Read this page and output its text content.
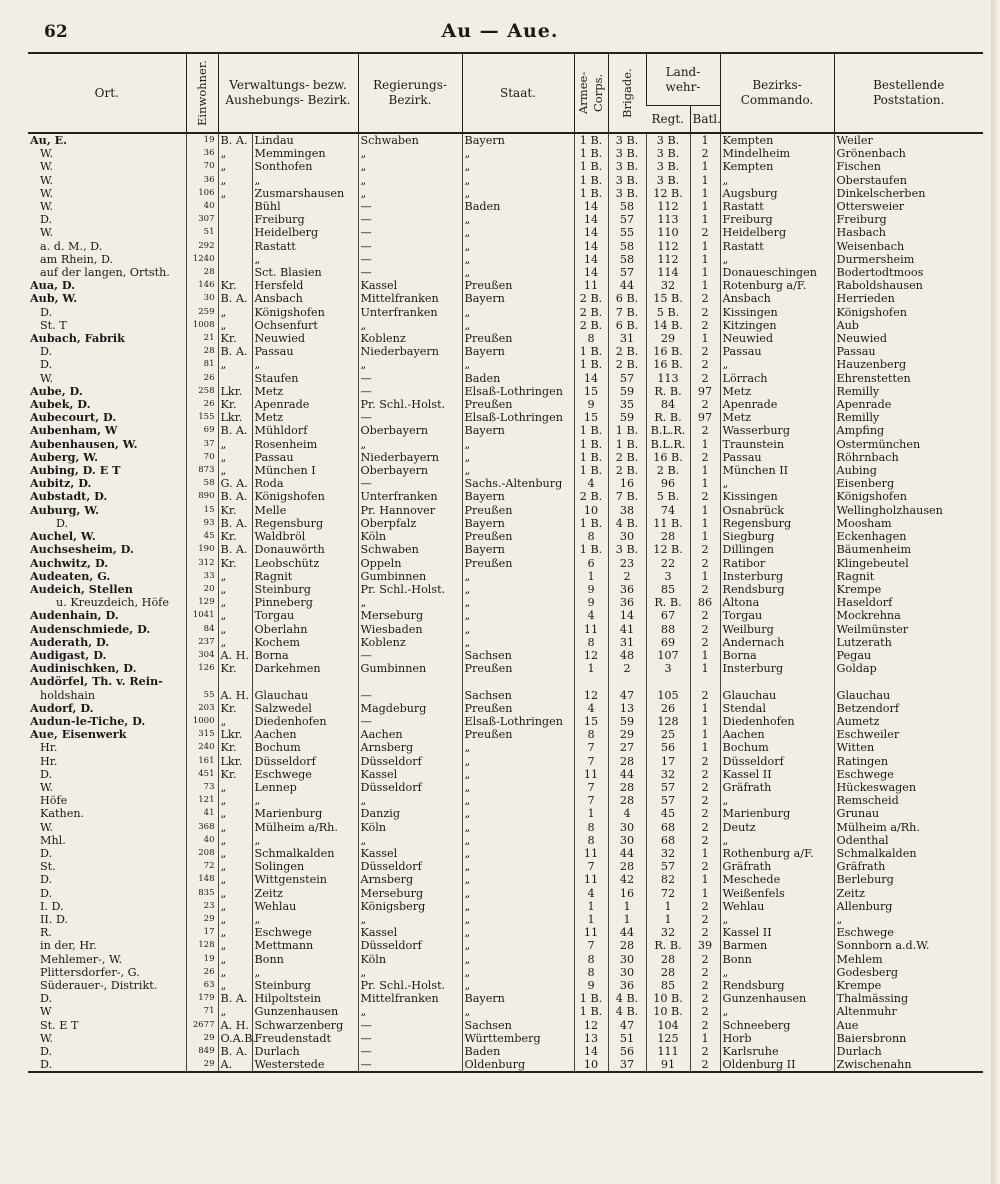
62	Au — Aue.
Ort.	Einwohner.	Verwaltungs- bezw. Aushebungs- Bezirk.		Regierungs- Bezirk.	Staat.	Armee-Corps.	Brigade.	Land- wehr-		Bezirks- Commando.	Bestellende Poststation.
								Regt.	Batl.		
Au, E.	19	B. A.	Lindau	Schwaben	Bayern	1 B.	3 B.	3 B.	1	Kempten	Weiler
W.	36	„	Memmingen	„	„	1 B.	3 B.	3 B.	2	Mindelheim	Grönenbach
W.	70	„	Sonthofen	„	„	1 B.	3 B.	3 B.	1	Kempten	Fischen
W.	36	„	„	„	„	1 B.	3 B.	3 B.	1	„	Oberstaufen
W.	106	„	Zusmarshausen	„	„	1 B.	3 B.	12 B.	1	Augsburg	Dinkelscherben
W.	40		Bühl	—	Baden	14	58	112	1	Rastatt	Ottersweier
D.	307		Freiburg	—	„	14	57	113	1	Freiburg	Freiburg
W.	51		Heidelberg	—	„	14	55	110	2	Heidelberg	Hasbach
a. d. M., D.	292		Rastatt	—	„	14	58	112	1	Rastatt	Weisenbach
am Rhein, D.	1240		„	—	„	14	58	112	1	„	Durmersheim
auf der langen, Ortsth.	28		Sct. Blasien	—	„	14	57	114	1	Donaueschingen	Bodertodtmoos
Aua, D.	146	Kr.	Hersfeld	Kassel	Preußen	11	44	32	1	Rotenburg a/F.	Raboldshausen
Aub, W.	30	B. A.	Ansbach	Mittelfranken	Bayern	2 B.	6 B.	15 B.	2	Ansbach	Herrieden
D.	259	„	Königshofen	Unterfranken	„	2 B.	7 B.	5 B.	2	Kissingen	Königshofen
St. T	1008	„	Ochsenfurt	„	„	2 B.	6 B.	14 B.	2	Kitzingen	Aub
Aubach, Fabrik	21	Kr.	Neuwied	Koblenz	Preußen	8	31	29	1	Neuwied	Neuwied
D.	28	B. A.	Passau	Niederbayern	Bayern	1 B.	2 B.	16 B.	2	Passau	Passau
D.	81	„	„	„	„	1 B.	2 B.	16 B.	2	„	Hauzenberg
W.	26		Staufen	—	Baden	14	57	113	2	Lörrach	Ehrenstetten
Aube, D.	258	Lkr.	Metz	—	Elsaß-Lothringen	15	59	R. B.	97	Metz	Remilly
Aubek, D.	26	Kr.	Apenrade	Pr. Schl.-Holst.	Preußen	9	35	84	2	Apenrade	Apenrade
Aubecourt, D.	155	Lkr.	Metz	—	Elsaß-Lothringen	15	59	R. B.	97	Metz	Remilly
Aubenham, W	69	B. A.	Mühldorf	Oberbayern	Bayern	1 B.	1 B.	B.L.R.	2	Wasserburg	Ampfing
Aubenhausen, W.	37	„	Rosenheim	„	„	1 B.	1 B.	B.L.R.	1	Traunstein	Ostermünchen
Auberg, W.	70	„	Passau	Niederbayern	„	1 B.	2 B.	16 B.	2	Passau	Röhrnbach
Aubing, D. E T	873	„	München I	Oberbayern	„	1 B.	2 B.	2 B.	1	München II	Aubing
Aubitz, D.	58	G. A.	Roda	—	Sachs.-Altenburg	4	16	96	1	„	Eisenberg
Aubstadt, D.	890	B. A.	Königshofen	Unterfranken	Bayern	2 B.	7 B.	5 B.	2	Kissingen	Königshofen
Auburg, W.	15	Kr.	Melle	Pr. Hannover	Preußen	10	38	74	1	Osnabrück	Wellingholzhausen
D.	93	B. A.	Regensburg	Oberpfalz	Bayern	1 B.	4 B.	11 B.	1	Regensburg	Moosham
Auchel, W.	45	Kr.	Waldbröl	Köln	Preußen	8	30	28	1	Siegburg	Eckenhagen
Auchsesheim, D.	190	B. A.	Donauwörth	Schwaben	Bayern	1 B.	3 B.	12 B.	2	Dillingen	Bäumenheim
Auchwitz, D.	312	Kr.	Leobschütz	Oppeln	Preußen	6	23	22	2	Ratibor	Klingebeutel
Audeaten, G.	33	„	Ragnit	Gumbinnen	„	1	2	3	1	Insterburg	Ragnit
Audeich, Stellen	20	„	Steinburg	Pr. Schl.-Holst.	„	9	36	85	2	Rendsburg	Krempe
u. Kreuzdeich, Höfe	129	„	Pinneberg	„	„	9	36	R. B.	86	Altona	Haseldorf
Audenhain, D.	1041	„	Torgau	Merseburg	„	4	14	67	2	Torgau	Mockrehna
Audenschmiede, D.	84	„	Oberlahn	Wiesbaden	„	11	41	88	2	Weilburg	Weilmünster
Auderath, D.	237	„	Kochem	Koblenz	„	8	31	69	2	Andernach	Lutzerath
Audigast, D.	304	A. H.	Borna	—	Sachsen	12	48	107	1	Borna	Pegau
Audinischken, D.	126	Kr.	Darkehmen	Gumbinnen	Preußen	1	2	3	1	Insterburg	Goldap
Audörfel, Th. v. Rein-											
holdshain	55	A. H.	Glauchau	—	Sachsen	12	47	105	2	Glauchau	Glauchau
Audorf, D.	203	Kr.	Salzwedel	Magdeburg	Preußen	4	13	26	1	Stendal	Betzendorf
Audun-le-Tiche, D.	1000	„	Diedenhofen	—	Elsaß-Lothringen	15	59	128	1	Diedenhofen	Aumetz
Aue, Eisenwerk	315	Lkr.	Aachen	Aachen	Preußen	8	29	25	1	Aachen	Eschweiler
Hr.	240	Kr.	Bochum	Arnsberg	„	7	27	56	1	Bochum	Witten
Hr.	161	Lkr.	Düsseldorf	Düsseldorf	„	7	28	17	2	Düsseldorf	Ratingen
D.	451	Kr.	Eschwege	Kassel	„	11	44	32	2	Kassel II	Eschwege
W.	73	„	Lennep	Düsseldorf	„	7	28	57	2	Gräfrath	Hückeswagen
Höfe	121	„	„	„	„	7	28	57	2	„	Remscheid
Kathen.	41	„	Marienburg	Danzig	„	1	4	45	2	Marienburg	Grunau
W.	368	„	Mülheim a/Rh.	Köln	„	8	30	68	2	Deutz	Mülheim a/Rh.
Mhl.	40	„	„	„	„	8	30	68	2	„	Odenthal
D.	208	„	Schmalkalden	Kassel	„	11	44	32	1	Rothenburg a/F.	Schmalkalden
St.	72	„	Solingen	Düsseldorf	„	7	28	57	2	Gräfrath	Gräfrath
D.	148	„	Wittgenstein	Arnsberg	„	11	42	82	1	Meschede	Berleburg
D.	835	„	Zeitz	Merseburg	„	4	16	72	1	Weißenfels	Zeitz
I. D.	23	„	Wehlau	Königsberg	„	1	1	1	2	Wehlau	Allenburg
II. D.	29	„	„	„	„	1	1	1	2	„	„
R.	17	„	Eschwege	Kassel	„	11	44	32	2	Kassel II	Eschwege
in der, Hr.	128	„	Mettmann	Düsseldorf	„	7	28	R. B.	39	Barmen	Sonnborn a.d.W.
Mehlemer-, W.	19	„	Bonn	Köln	„	8	30	28	2	Bonn	Mehlem
Plittersdorfer-, G.	26	„	„	„	„	8	30	28	2	„	Godesberg
Süderauer-, Distrikt.	63	„	Steinburg	Pr. Schl.-Holst.	„	9	36	85	2	Rendsburg	Krempe
D.	179	B. A.	Hilpoltstein	Mittelfranken	Bayern	1 B.	4 B.	10 B.	2	Gunzenhausen	Thalmässing
W	71	„	Gunzenhausen	„	„	1 B.	4 B.	10 B.	2	„	Altenmuhr
St. E T	2677	A. H.	Schwarzenberg	—	Sachsen	12	47	104	2	Schneeberg	Aue
W.	29	O.A.B.	Freudenstadt	—	Württemberg	13	51	125	1	Horb	Baiersbronn
D.	849	B. A.	Durlach	—	Baden	14	56	111	2	Karlsruhe	Durlach
D.	29	A.	Westerstede	—	Oldenburg	10	37	91	2	Oldenburg II	Zwischenahn
